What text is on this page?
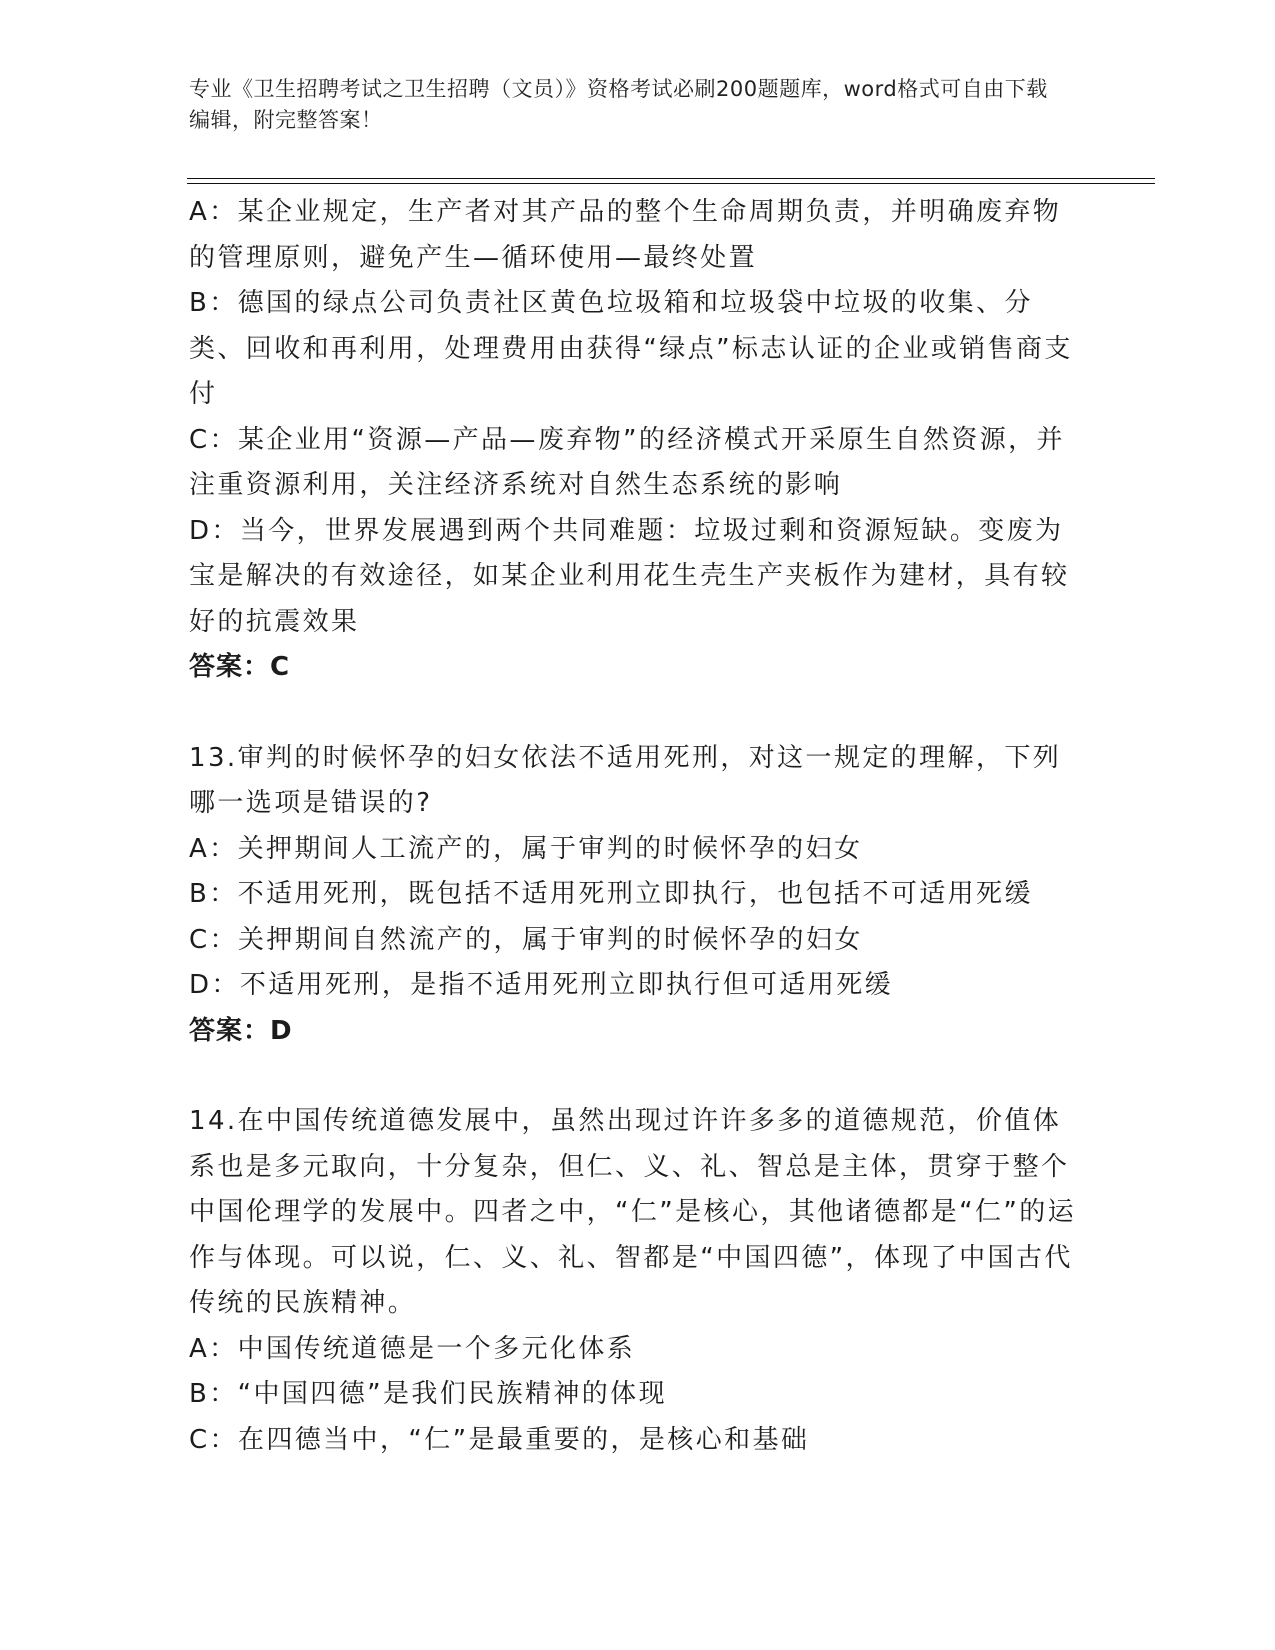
专业《卫生招聘考试之卫生招聘（文员）》资格考试必刷200题题库，word格式可自由下载编辑，附完整答案！

A：某企业规定，生产者对其产品的整个生命周期负责，并明确废弃物的管理原则，避免产生—循环使用—最终处置

B：德国的绿点公司负责社区黄色垃圾箱和垃圾袋中垃圾的收集、分类、回收和再利用，处理费用由获得“绿点”标志认证的企业或销售商支付

C：某企业用“资源—产品—废弃物”的经济模式开采原生自然资源，并注重资源利用，关注经济系统对自然生态系统的影响

D：当今，世界发展遇到两个共同难题：垃圾过剩和资源短缺。变废为宝是解决的有效途径，如某企业利用花生壳生产夹板作为建材，具有较好的抗震效果

答案：C

13.审判的时候怀孕的妇女依法不适用死刑，对这一规定的理解，下列哪一选项是错误的?

A：关押期间人工流产的，属于审判的时候怀孕的妇女

B：不适用死刑，既包括不适用死刑立即执行，也包括不可适用死缓

C：关押期间自然流产的，属于审判的时候怀孕的妇女

D：不适用死刑，是指不适用死刑立即执行但可适用死缓

答案：D

14.在中国传统道德发展中，虽然出现过许许多多的道德规范，价值体系也是多元取向，十分复杂，但仁、义、礼、智总是主体，贯穿于整个中国伦理学的发展中。四者之中，“仁”是核心，其他诸德都是“仁”的运作与体现。可以说，仁、义、礼、智都是“中国四德”，体现了中国古代传统的民族精神。

A：中国传统道德是一个多元化体系

B：“中国四德”是我们民族精神的体现

C：在四德当中，“仁”是最重要的，是核心和基础
